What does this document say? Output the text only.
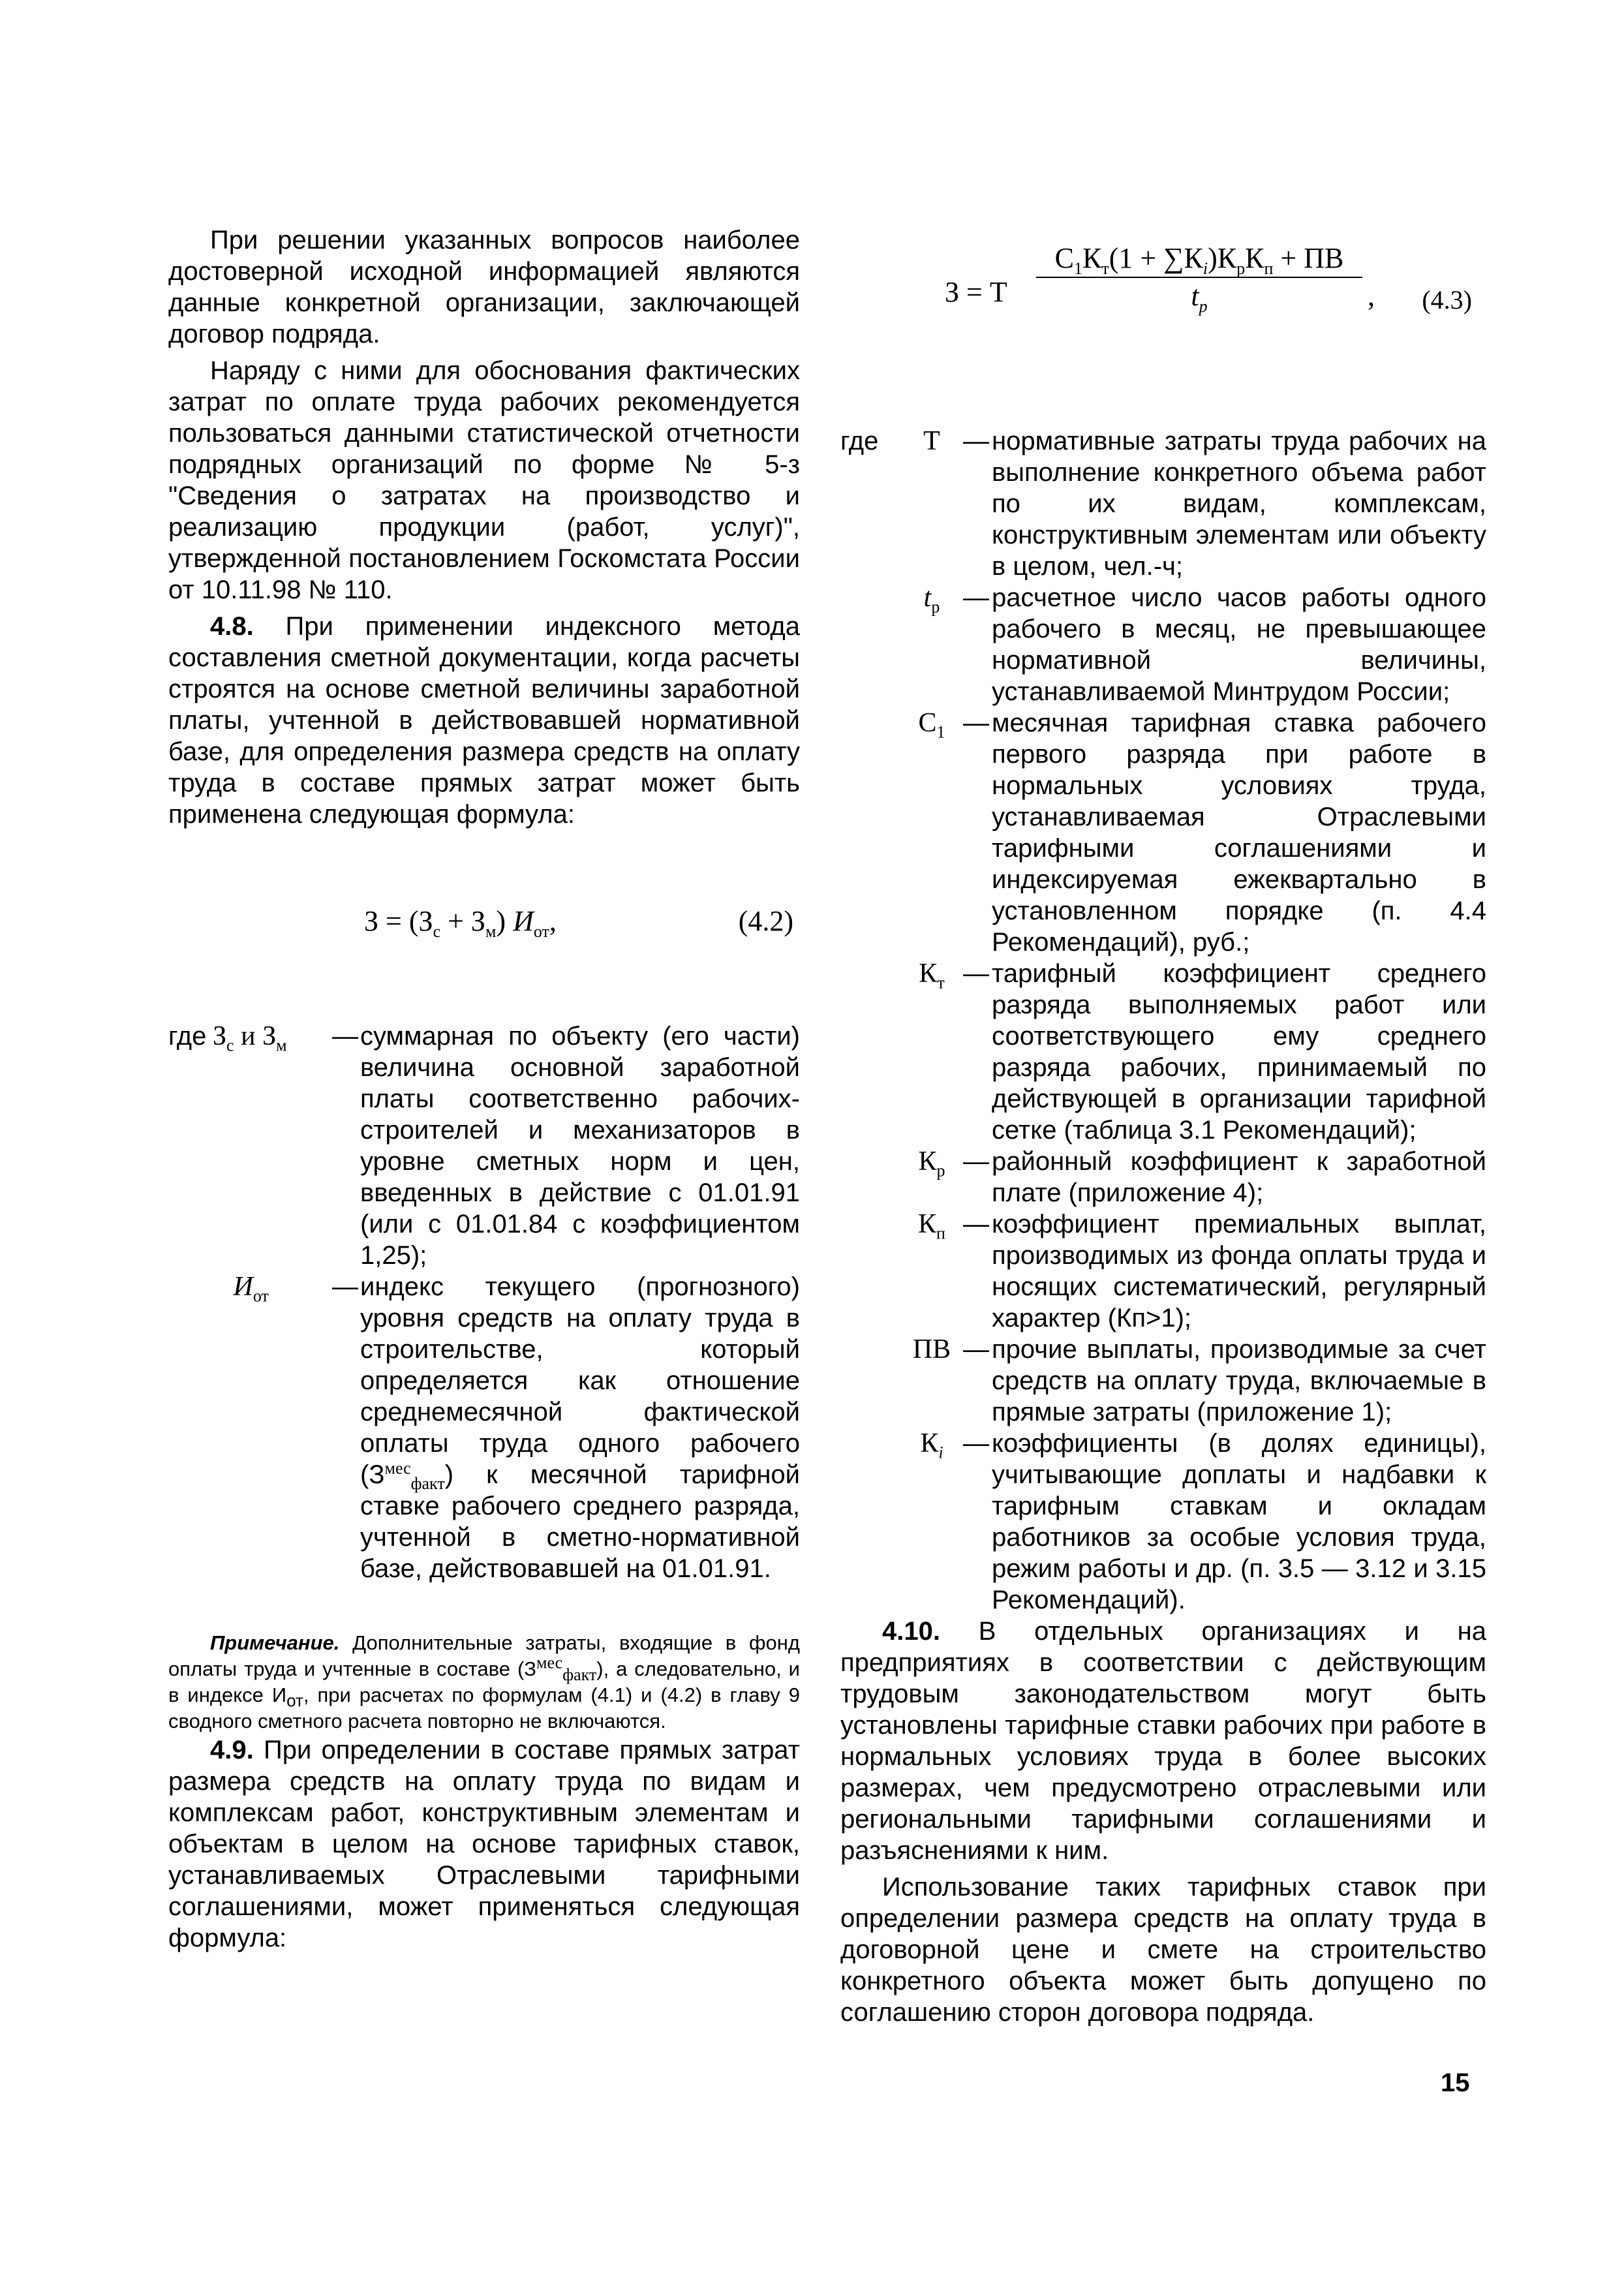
При решении указанных вопросов наиболее достоверной исходной информацией являются данные конкретной организации, заключающей договор подряда.

Наряду с ними для обоснования фактических затрат по оплате труда рабочих рекомендуется пользоваться данными статистической отчетности подрядных организаций по форме № 5-з "Сведения о затратах на производство и реализацию продукции (работ, услуг)", утвержденной постановлением Госкомстата России от 10.11.98 № 110.

4.8. При применении индексного метода составления сметной документации, когда расчеты строятся на основе сметной величины заработной платы, учтенной в действовавшей нормативной базе, для определения размера средств на оплату труда в составе прямых затрат может быть применена следующая формула:

$З = (З_с + З_м)$ $И_{от}$,	(4.2)
где	$З_с$ и $З_м$	—	суммарная по объекту (его части) величина основной заработной платы соответственно рабочих-строителей и механизаторов в уровне сметных норм и цен, введенных в действие с 01.01.91 (или с 01.01.84 с коэффициентом 1,25);
	$И_{от}$	—	индекс текущего (прогнозного) уровня средств на оплату труда в строительстве, который определяется как отношение среднемесячной фактической оплаты труда одного рабочего $(З^{мес}_{факт})$ к месячной тарифной ставке рабочего среднего разряда, учтенной в сметно-нормативной базе, действовавшей на 01.01.91.

Примечание. Дополнительные затраты, входящие в фонд оплаты труда и учтенные в составе $(З^{мес}_{факт})$, а следовательно, и в индексе $И_{от}$, при расчетах по формулам (4.1) и (4.2) в главу 9 сводного сметного расчета повторно не включаются.

4.9. При определении в составе прямых затрат размера средств на оплату труда по видам и комплексам работ, конструктивным элементам и объектам в целом на основе тарифных ставок, устанавливаемых Отраслевыми тарифными соглашениями, может применяться следующая формула:

З = Т
$С_1К_т(1 + \sum К_i)К_рК_п$ + ПВ
$t_р$	, (4.3)
где	Т	—	нормативные затраты труда рабочих на выполнение конкретного объема работ по их видам, комплексам, конструктивным элементам или объекту в целом, чел.-ч;
	$t_р$	—	расчетное число часов работы одного рабочего в месяц, не превышающее нормативной величины, устанавливаемой Минтрудом России;
	$С_1$	—	месячная тарифная ставка рабочего первого разряда при работе в нормальных условиях труда, устанавливаемая Отраслевыми тарифными соглашениями и индексируемая ежеквартально в установленном порядке (п. 4.4 Рекомендаций), руб.;
	$К_т$	—	тарифный коэффициент среднего разряда выполняемых работ или соответствующего ему среднего разряда рабочих, принимаемый по действующей в организации тарифной сетке (таблица 3.1 Рекомендаций);
	$К_р$	—	районный коэффициент к заработной плате (приложение 4);
	$К_п$	—	коэффициент премиальных выплат, производимых из фонда оплаты труда и носящих систематический, регулярный характер (Кп>1);
	ПВ	—	прочие выплаты, производимые за счет средств на оплату труда, включаемые в прямые затраты (приложение 1);
	$К_i$	—	коэффициенты (в долях единицы), учитывающие доплаты и надбавки к тарифным ставкам и окладам работников за особые условия труда, режим работы и др. (п. 3.5 — 3.12 и 3.15 Рекомендаций).

4.10. В отдельных организациях и на предприятиях в соответствии с действующим трудовым законодательством могут быть установлены тарифные ставки рабочих при работе в нормальных условиях труда в более высоких размерах, чем предусмотрено отраслевыми или региональными тарифными соглашениями и разъяснениями к ним.

Использование таких тарифных ставок при определении размера средств на оплату труда в договорной цене и смете на строительство конкретного объекта может быть допущено по соглашению сторон договора подряда.

15
